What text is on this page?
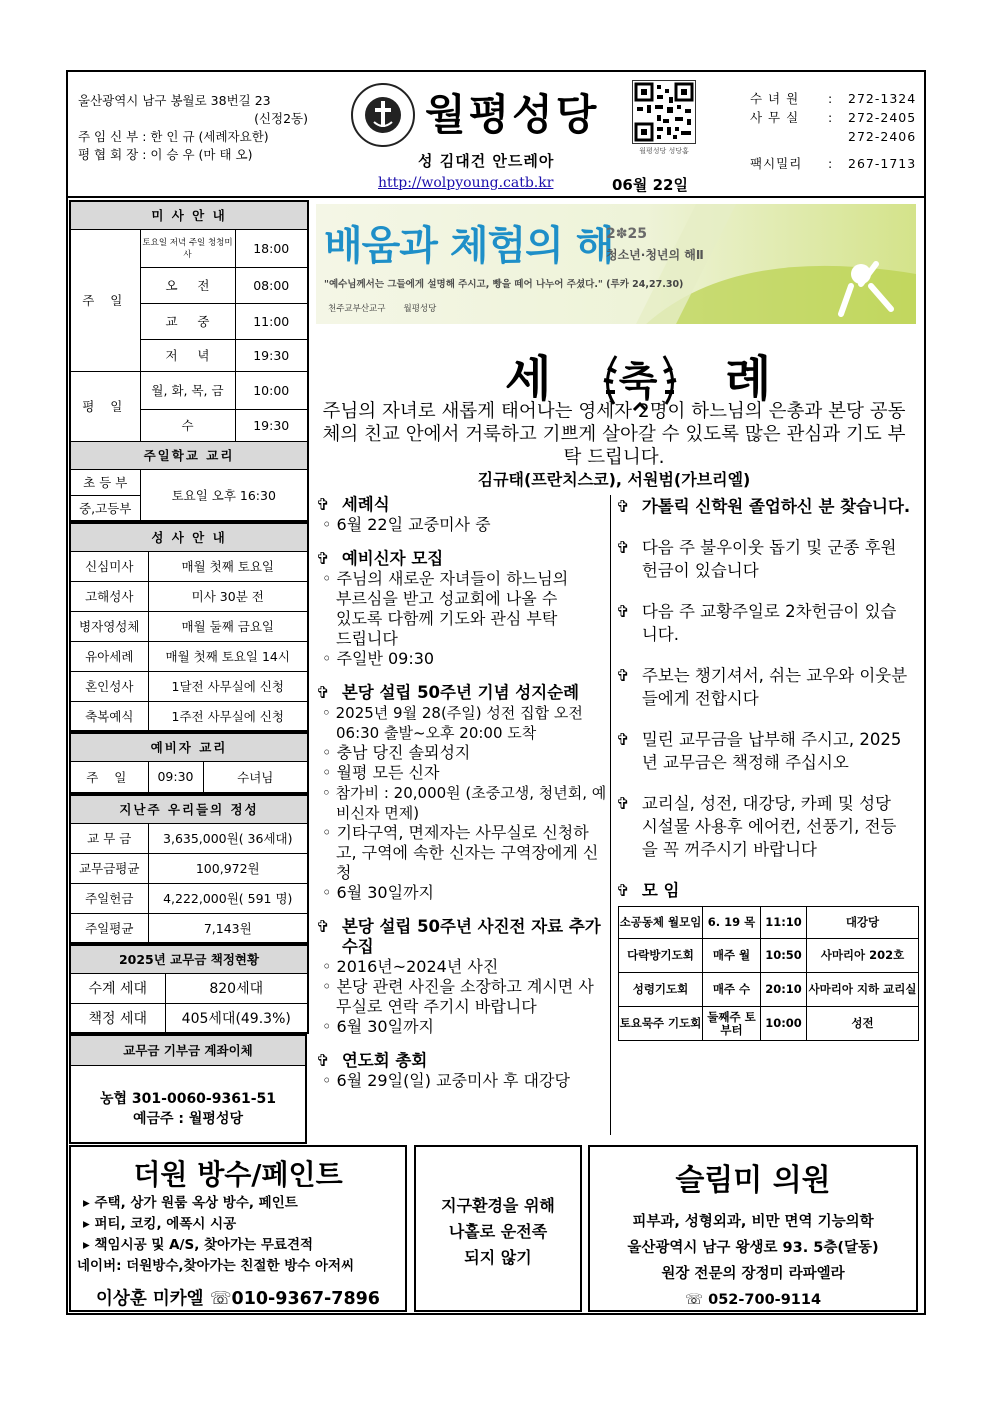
울산광역시 남구 봉월로 38번길 23
(신정2동)
주 임 신 부 : 한 인 규 (세례자요한)
평 협 회 장 : 이 승 우 (마 태 오)
월평성당
성 김대건 안드레아
http://wolpyoung.catb.kr	06월 22일
월평성당 성당홈
수 녀 원	:	272-1324
사 무 실	:	272-2405
272-2406
팩시밀리	:	267-1713
미 사 안 내		
주 일	토요일 저녁 주일 청청미사	18:00
	오     전	08:00
	교     중	11:00
	저     녁	19:30
평 일	월, 화, 목, 금	10:00
	수	19:30
주일학교 교리		
초 등 부	토요일 오후 16:30	
중,고등부		
성 사 안 내	
신심미사	매월 첫째 토요일
고해성사	미사 30분 전
병자영성체	매월 둘째 금요일
유아세례	매월 첫째 토요일 14시
혼인성사	1달전 사무실에 신청
축복예식	1주전 사무실에 신청
예비자 교리
주 일	09:30	수녀님
지난주 우리들의 정성	
교 무 금	3,635,000원( 36세대)
교무금평균	100,972원
주일헌금	4,222,000원( 591 명)
주일평균	7,143원
2025년 교무금 책정현황	
수계 세대	820세대
책정 세대	405세대(49.3%)
교무금 기부금 계좌이체

농협 301-0060-9361-51
예금주 : 월평성당
배움과 체험의 해
2✽25
청소년·청년의 해Ⅱ
"예수님께서는 그들에게 설명해 주시고, 빵을 떼어 나누어 주셨다." (루카 24,27.30)
천주교부산교구 월평성당
세 축 례
주님의 자녀로 새롭게 태어나는 영세자 2명이 하느님의 은총과 본당 공동체의 친교 안에서 거룩하고 기쁘게 살아갈 수 있도록 많은 관심과 기도 부탁 드립니다.
김규태(프란치스코), 서원범(가브리엘)
✞ 세례식
◦ 6월 22일 교중미사 중
✞ 예비신자 모집
◦ 주님의 새로운 자녀들이 하느님의 부르심을 받고 성교회에 나올 수 있도록 다함께 기도와 관심 부탁 드립니다
◦ 주일반 09:30
✞ 본당 설립 50주년 기념 성지순례
◦ 2025년 9월 28(주일) 성전 집합 오전 06:30 출발~오후 20:00 도착
◦ 충남 당진 솔뫼성지
◦ 월평 모든 신자
◦ 참가비 : 20,000원 (초중고생, 청년회, 예비신자 면제)
◦ 기타구역, 면제자는 사무실로 신청하고, 구역에 속한 신자는 구역장에게 신청
◦ 6월 30일까지
✞ 본당 설립 50주년 사진전 자료 추가 수집
◦ 2016년~2024년 사진
◦ 본당 관련 사진을 소장하고 계시면 사무실로 연락 주기시 바랍니다
◦ 6월 30일까지
✞ 연도회 총회
◦ 6월 29일(일) 교중미사 후 대강당
✞ 가톨릭 신학원 졸업하신 분 찾습니다.
✞ 다음 주 불우이웃 돕기 및 군종 후원 헌금이 있습니다
✞ 다음 주 교황주일로 2차헌금이 있습니다.
✞ 주보는 챙기셔서, 쉬는 교우와 이웃분들에게 전합시다
✞ 밀린 교무금을 납부해 주시고, 2025년 교무금은 책정해 주십시오
✞ 교리실, 성전, 대강당, 카페 및 성당 시설물 사용후 에어컨, 선풍기, 전등을 꼭 꺼주시기 바랍니다
✞ 모 임
소공동체 월모임	6. 19 목	11:10	대강당
다락방기도회	매주 월	10:50	사마리아 202호
성령기도회	매주 수	20:10	사마리아 지하 교리실
토요묵주 기도회	둘째주 토부터	10:00	성전
더원 방수/페인트
▸ 주택, 상가 원룸 옥상 방수, 페인트
▸ 퍼티, 코킹, 에폭시 시공
▸ 책임시공 및 A/S, 찾아가는 무료견적
네이버: 더원방수,찾아가는 친절한 방수 아저씨
이상훈 미카엘 ☏010-9367-7896
지구환경을 위해
나홀로 운전족
되지 않기
슬림미 의원
피부과, 성형외과, 비만 면역 기능의학
울산광역시 남구 왕생로 93. 5층(달동)
원장 전문의 장정미 라파엘라
☏ 052-700-9114
